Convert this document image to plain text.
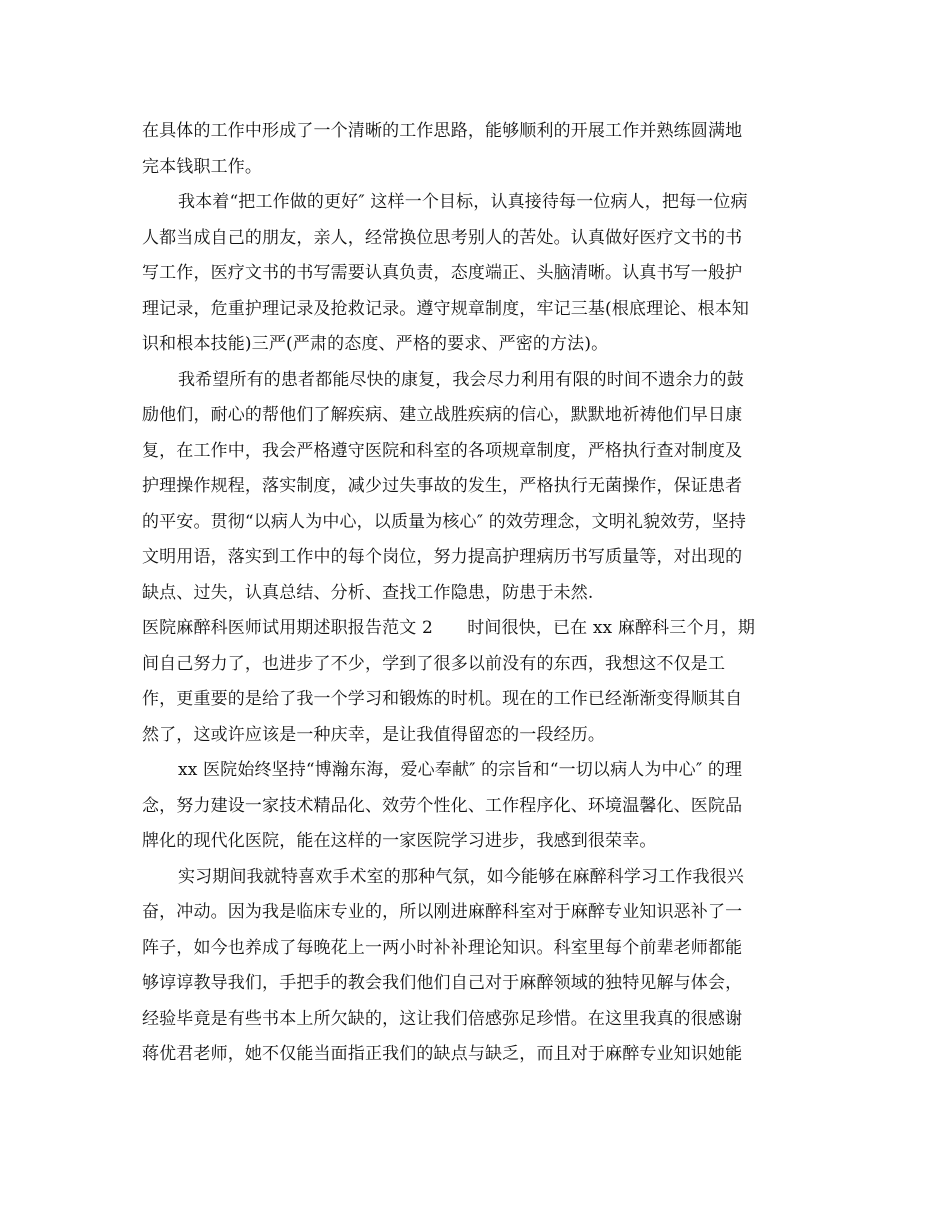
在具体的工作中形成了一个清晰的工作思路，能够顺利的开展工作并熟练圆满地
完本钱职工作。
我本着“把工作做的更好″ 这样一个目标，认真接待每一位病人，把每一位病
人都当成自己的朋友，亲人，经常换位思考别人的苦处。认真做好医疗文书的书
写工作，医疗文书的书写需要认真负责，态度端正、头脑清晰。认真书写一般护
理记录，危重护理记录及抢救记录。遵守规章制度，牢记三基(根底理论、根本知
识和根本技能)三严(严肃的态度、严格的要求、严密的方法)。
我希望所有的患者都能尽快的康复，我会尽力利用有限的时间不遗余力的鼓
励他们，耐心的帮他们了解疾病、建立战胜疾病的信心，默默地祈祷他们早日康
复，在工作中，我会严格遵守医院和科室的各项规章制度，严格执行查对制度及
护理操作规程，落实制度，减少过失事故的发生，严格执行无菌操作，保证患者
的平安。贯彻“以病人为中心，以质量为核心″ 的效劳理念，文明礼貌效劳，坚持
文明用语，落实到工作中的每个岗位，努力提高护理病历书写质量等，对出现的
缺点、过失，认真总结、分析、查找工作隐患，防患于未然.
医院麻醉科医师试用期述职报告范文 2　　时间很快，已在 xx 麻醉科三个月，期
间自己努力了，也进步了不少，学到了很多以前没有的东西，我想这不仅是工
作，更重要的是给了我一个学习和锻炼的时机。现在的工作已经渐渐变得顺其自
然了，这或许应该是一种庆幸，是让我值得留恋的一段经历。
xx 医院始终坚持“博瀚东海，爱心奉献″ 的宗旨和“一切以病人为中心″ 的理
念，努力建设一家技术精品化、效劳个性化、工作程序化、环境温馨化、医院品
牌化的现代化医院，能在这样的一家医院学习进步，我感到很荣幸。
实习期间我就特喜欢手术室的那种气氛，如今能够在麻醉科学习工作我很兴
奋，冲动。因为我是临床专业的，所以刚进麻醉科室对于麻醉专业知识恶补了一
阵子，如今也养成了每晚花上一两小时补补理论知识。科室里每个前辈老师都能
够谆谆教导我们，手把手的教会我们他们自己对于麻醉领域的独特见解与体会，
经验毕竟是有些书本上所欠缺的，这让我们倍感弥足珍惜。在这里我真的很感谢
蒋优君老师，她不仅能当面指正我们的缺点与缺乏，而且对于麻醉专业知识她能
